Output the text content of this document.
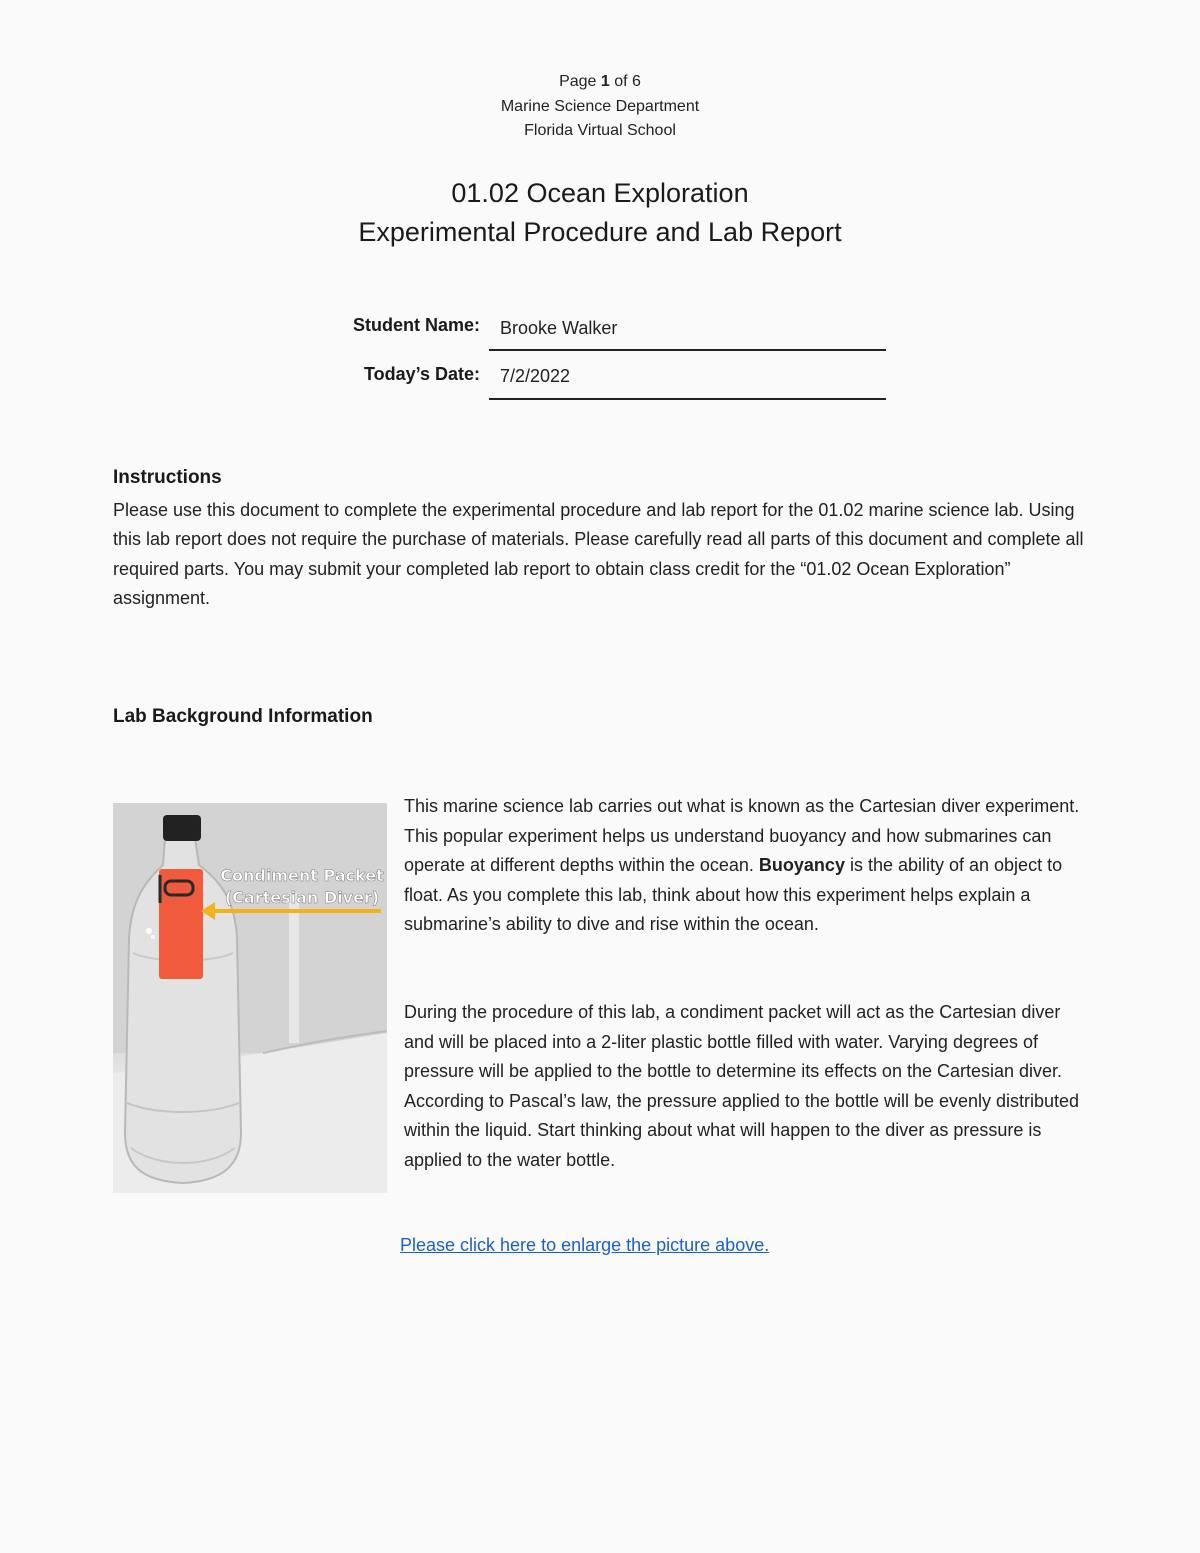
Page 1 of 6
Marine Science Department
Florida Virtual School
01.02 Ocean Exploration
Experimental Procedure and Lab Report
Student Name: Brooke Walker
Today’s Date: 7/2/2022
Instructions

Please use this document to complete the experimental procedure and lab report for the 01.02 marine science lab. Using this lab report does not require the purchase of materials. Please carefully read all parts of this document and complete all required parts. You may submit your completed lab report to obtain class credit for the “01.02 Ocean Exploration” assignment.

Lab Background Information
Condiment Packet
(Cartesian Diver)

This marine science lab carries out what is known as the Cartesian diver experiment. This popular experiment helps us understand buoyancy and how submarines can operate at different depths within the ocean. Buoyancy is the ability of an object to float. As you complete this lab, think about how this experiment helps explain a submarine’s ability to dive and rise within the ocean.

During the procedure of this lab, a condiment packet will act as the Cartesian diver and will be placed into a 2-liter plastic bottle filled with water. Varying degrees of pressure will be applied to the bottle to determine its effects on the Cartesian diver. According to Pascal’s law, the pressure applied to the bottle will be evenly distributed within the liquid. Start thinking about what will happen to the diver as pressure is applied to the water bottle.

Please click here to enlarge the picture above.
